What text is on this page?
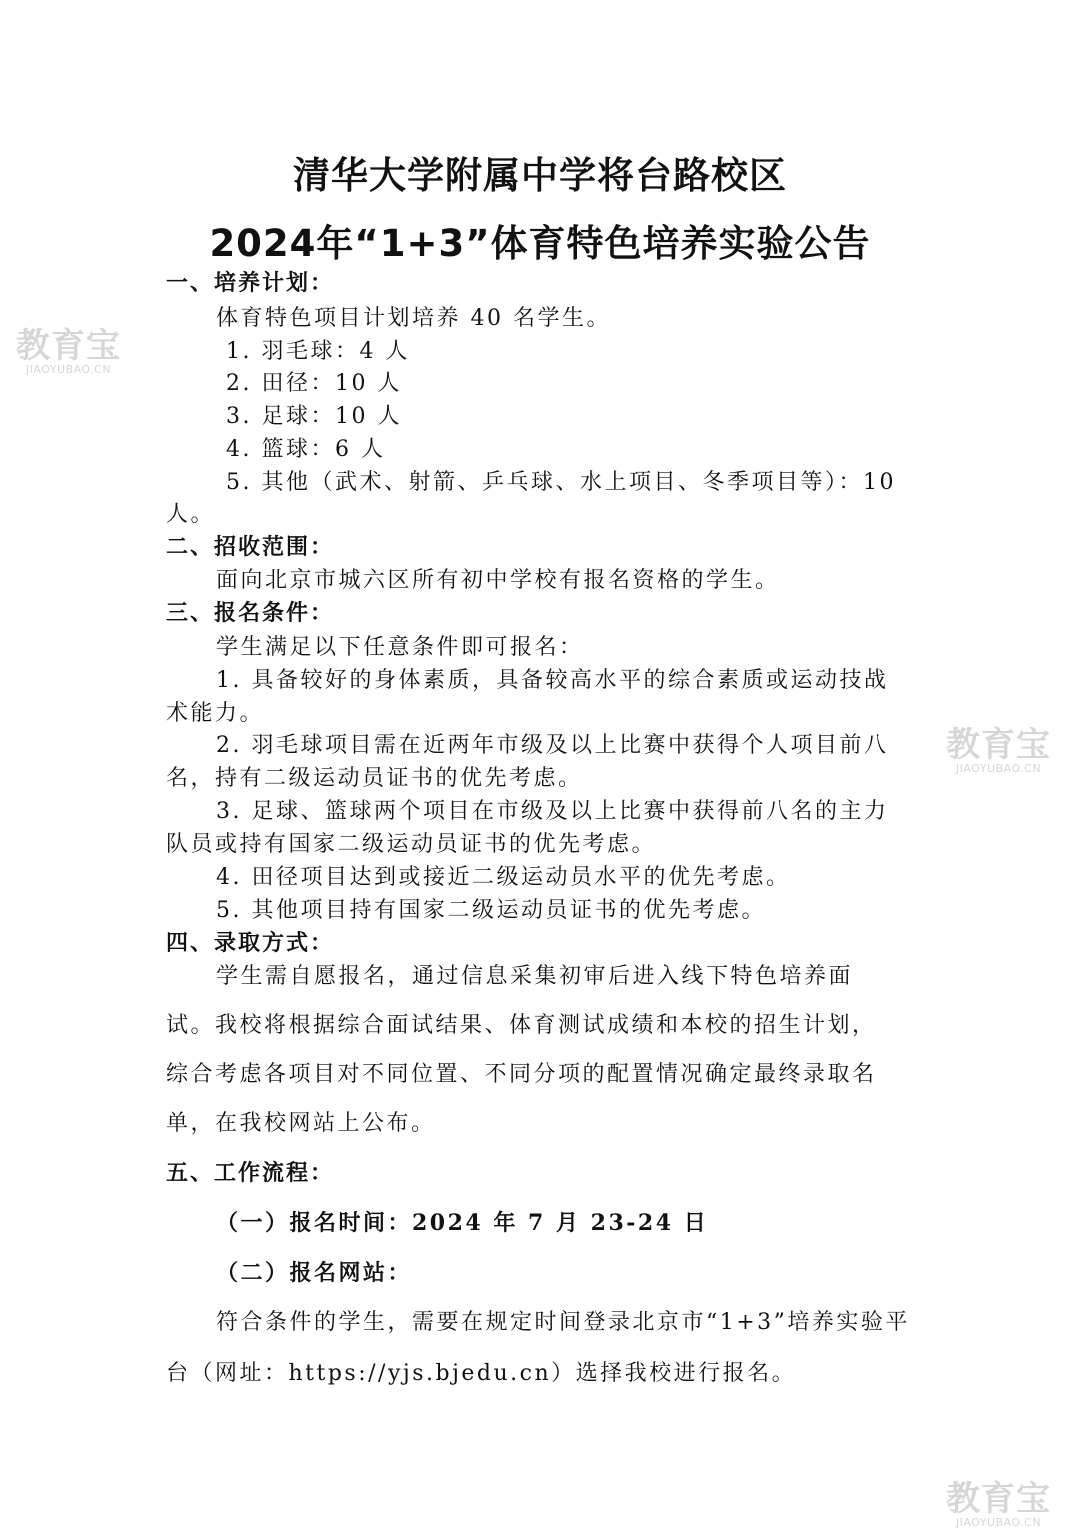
清华大学附属中学将台路校区
2024年“1+3”体育特色培养实验公告
一、培养计划：
体育特色项目计划培养 40 名学生。
1. 羽毛球：4 人
2. 田径：10 人
3. 足球：10 人
4. 篮球：6 人
5. 其他（武术、射箭、乒乓球、水上项目、冬季项目等）：10
人。
二、招收范围：
面向北京市城六区所有初中学校有报名资格的学生。
三、报名条件：
学生满足以下任意条件即可报名：
1. 具备较好的身体素质，具备较高水平的综合素质或运动技战
术能力。
2. 羽毛球项目需在近两年市级及以上比赛中获得个人项目前八
名，持有二级运动员证书的优先考虑。
3. 足球、篮球两个项目在市级及以上比赛中获得前八名的主力
队员或持有国家二级运动员证书的优先考虑。
4. 田径项目达到或接近二级运动员水平的优先考虑。
5. 其他项目持有国家二级运动员证书的优先考虑。
四、录取方式：
学生需自愿报名，通过信息采集初审后进入线下特色培养面
试。我校将根据综合面试结果、体育测试成绩和本校的招生计划，
综合考虑各项目对不同位置、不同分项的配置情况确定最终录取名
单，在我校网站上公布。
五、工作流程：
（一）报名时间：2024 年 7 月 23-24 日
（二）报名网站：
符合条件的学生，需要在规定时间登录北京市“1+3”培养实验平
台（网址：https://yjs.bjedu.cn）选择我校进行报名。
教育宝
JIAOYUBAO.CN
教育宝
JIAOYUBAO.CN
教育宝
JIAOYUBAO.CN
